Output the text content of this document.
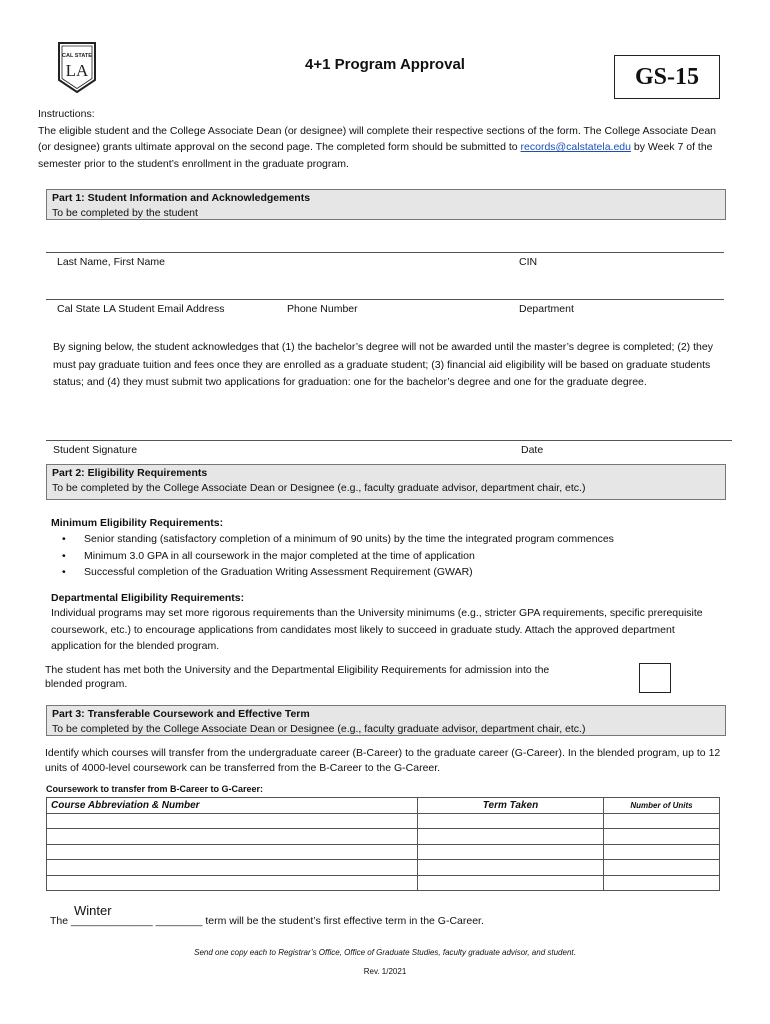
CAL STATE
LA	4+1 Program Approval	GS-15
Instructions:
The eligible student and the College Associate Dean (or designee) will complete their respective sections of the form. The College Associate Dean (or designee) grants ultimate approval on the second page. The completed form should be submitted to records@calstatela.edu by Week 7 of the semester prior to the student’s enrollment in the graduate program.
Part 1: Student Information and Acknowledgements
To be completed by the student
Last Name, First Name	CIN
Cal State LA Student Email Address	Phone Number	Department
By signing below, the student acknowledges that (1) the bachelor’s degree will not be awarded until the master’s degree is completed; (2) they must pay graduate tuition and fees once they are enrolled as a graduate student; (3) financial aid eligibility will be based on graduate students status; and (4) they must submit two applications for graduation: one for the bachelor’s degree and one for the graduate degree.
Student Signature	Date
Part 2: Eligibility Requirements
To be completed by the College Associate Dean or Designee (e.g., faculty graduate advisor, department chair, etc.)
Minimum Eligibility Requirements:
• Senior standing (satisfactory completion of a minimum of 90 units) by the time the integrated program commences
• Minimum 3.0 GPA in all coursework in the major completed at the time of application
• Successful completion of the Graduation Writing Assessment Requirement (GWAR)
Departmental Eligibility Requirements:
Individual programs may set more rigorous requirements than the University minimums (e.g., stricter GPA requirements, specific prerequisite coursework, etc.) to encourage applications from candidates most likely to succeed in graduate study. Attach the approved department application for the blended program.
The student has met both the University and the Departmental Eligibility Requirements for admission into the blended program.
Part 3: Transferable Coursework and Effective Term
To be completed by the College Associate Dean or Designee (e.g., faculty graduate advisor, department chair, etc.)
Identify which courses will transfer from the undergraduate career (B-Career) to the graduate career (G-Career). In the blended program, up to 12 units of 4000-level coursework can be transferred from the B-Career to the G-Career.
Coursework to transfer from B-Career to G-Career:
Course Abbreviation & Number	Term Taken	Number of Units

Winter
The ______________ ________ term will be the student’s first effective term in the G-Career.
Send one copy each to Registrar’s Office, Office of Graduate Studies, faculty graduate advisor, and student.
Rev. 1/2021
